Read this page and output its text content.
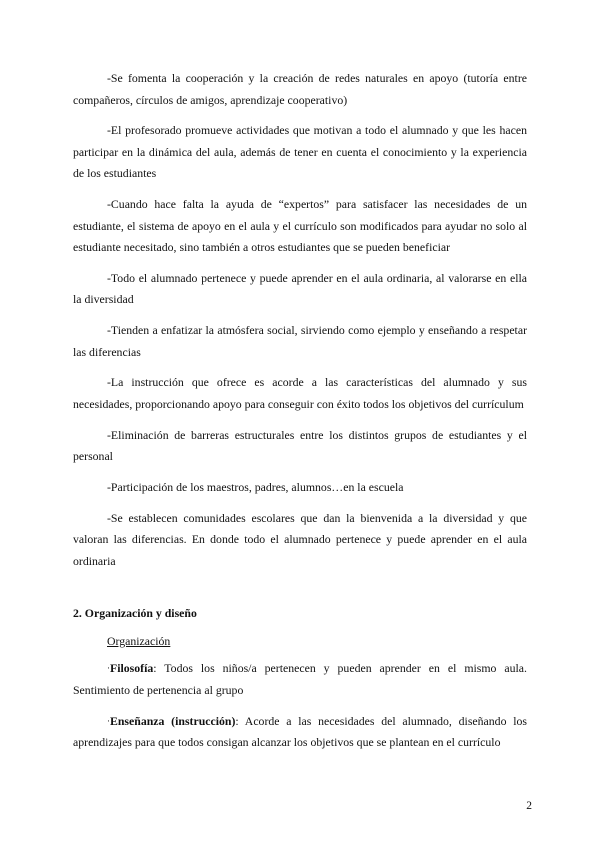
-Se fomenta la cooperación y la creación de redes naturales en apoyo (tutoría entre compañeros, círculos de amigos, aprendizaje cooperativo)

-El profesorado promueve actividades que motivan a todo el alumnado y que les hacen participar en la dinámica del aula, además de tener en cuenta el conocimiento y la experiencia de los estudiantes

-Cuando hace falta la ayuda de “expertos” para satisfacer las necesidades de un estudiante, el sistema de apoyo en el aula y el currículo son modificados para ayudar no solo al estudiante necesitado, sino también a otros estudiantes que se pueden beneficiar

-Todo el alumnado pertenece y puede aprender en el aula ordinaria, al valorarse en ella la diversidad

-Tienden a enfatizar la atmósfera social, sirviendo como ejemplo y enseñando a respetar las diferencias

-La instrucción que ofrece es acorde a las características del alumnado y sus necesidades, proporcionando apoyo para conseguir con éxito todos los objetivos del currículum

-Eliminación de barreras estructurales entre los distintos grupos de estudiantes y el personal

-Participación de los maestros, padres, alumnos…en la escuela

-Se establecen comunidades escolares que dan la bienvenida a la diversidad y que valoran las diferencias. En donde todo el alumnado pertenece y puede aprender en el aula ordinaria

2. Organización y diseño
Organización

·Filosofía: Todos los niños/a pertenecen y pueden aprender en el mismo aula. Sentimiento de pertenencia al grupo

·Enseñanza (instrucción): Acorde a las necesidades del alumnado, diseñando los aprendizajes para que todos consigan alcanzar los objetivos que se plantean en el currículo

2
